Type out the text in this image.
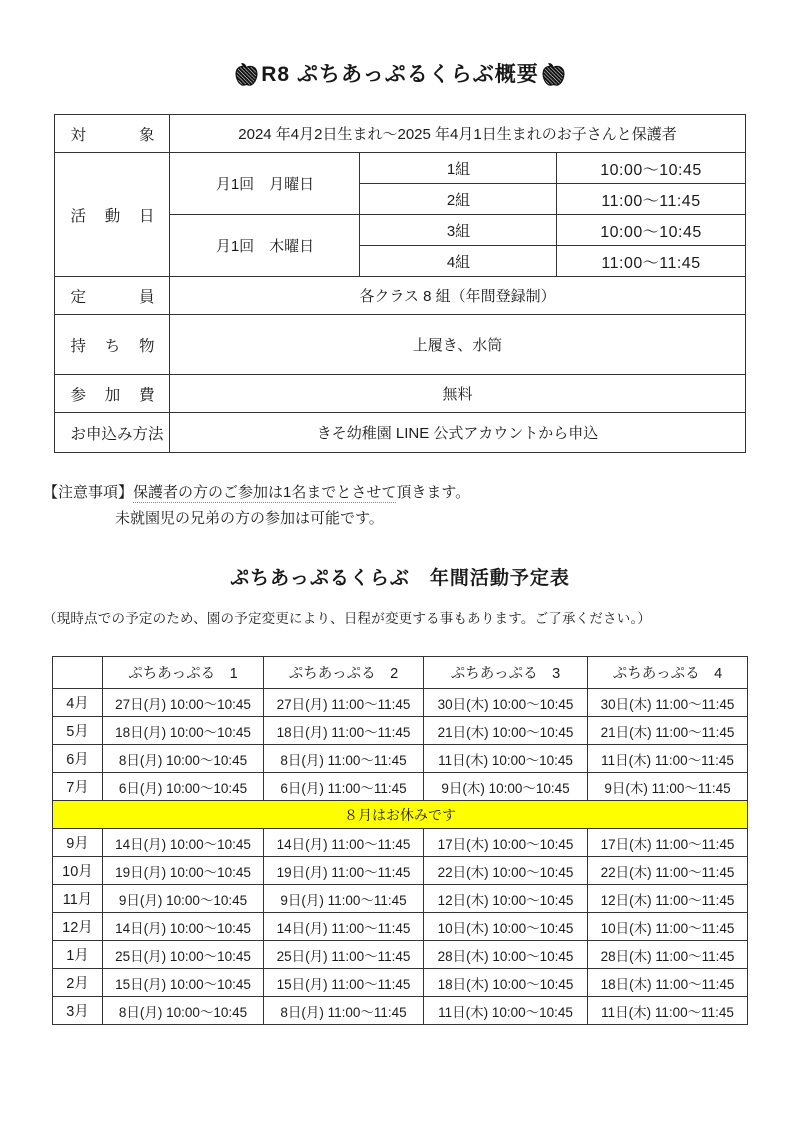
R8 ぷちあっぷるくらぶ概要
対象	2024 年4月2日生まれ～2025 年4月1日生まれのお子さんと保護者		
活動日	月1回　月曜日	1組	10:00～10:45
		2組	11:00～11:45
	月1回　木曜日	3組	10:00～10:45
		4組	11:00～11:45
定員	各クラス 8 組（年間登録制）		
持ち物	上履き、水筒		
参加費	無料		
お申込み方法	きそ幼稚園 LINE 公式アカウントから申込		
【注意事項】保護者の方のご参加は1名までとさせて頂きます。
未就園児の兄弟の方の参加は可能です。
ぷちあっぷるくらぶ　年間活動予定表
（現時点での予定のため、園の予定変更により、日程が変更する事もあります。ご了承ください。）
	ぷちあっぷる　1	ぷちあっぷる　2	ぷちあっぷる　3	ぷちあっぷる　4
4月	27日(月) 10:00～10:45	27日(月) 11:00～11:45	30日(木) 10:00～10:45	30日(木) 11:00～11:45
5月	18日(月) 10:00～10:45	18日(月) 11:00～11:45	21日(木) 10:00～10:45	21日(木) 11:00～11:45
6月	8日(月) 10:00～10:45	8日(月) 11:00～11:45	11日(木) 10:00～10:45	11日(木) 11:00～11:45
7月	6日(月) 10:00～10:45	6日(月) 11:00～11:45	9日(木) 10:00～10:45	9日(木) 11:00～11:45
８月はお休みです				
9月	14日(月) 10:00～10:45	14日(月) 11:00～11:45	17日(木) 10:00～10:45	17日(木) 11:00～11:45
10月	19日(月) 10:00～10:45	19日(月) 11:00～11:45	22日(木) 10:00～10:45	22日(木) 11:00～11:45
11月	9日(月) 10:00～10:45	9日(月) 11:00～11:45	12日(木) 10:00～10:45	12日(木) 11:00～11:45
12月	14日(月) 10:00～10:45	14日(月) 11:00～11:45	10日(木) 10:00～10:45	10日(木) 11:00～11:45
1月	25日(月) 10:00～10:45	25日(月) 11:00～11:45	28日(木) 10:00～10:45	28日(木) 11:00～11:45
2月	15日(月) 10:00～10:45	15日(月) 11:00～11:45	18日(木) 10:00～10:45	18日(木) 11:00～11:45
3月	8日(月) 10:00～10:45	8日(月) 11:00～11:45	11日(木) 10:00～10:45	11日(木) 11:00～11:45
